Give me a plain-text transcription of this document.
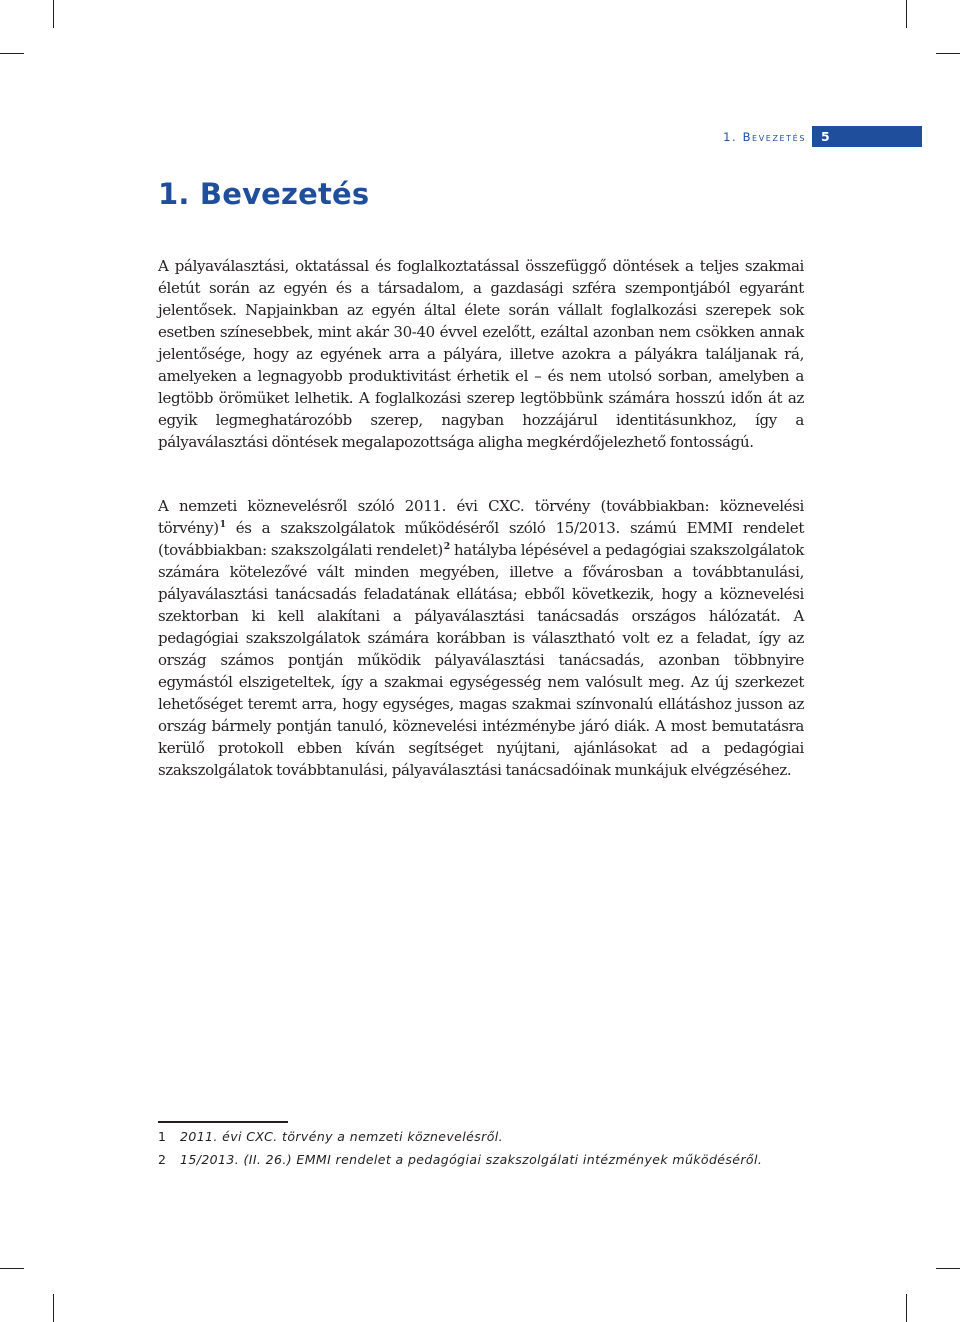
1. Bevezetés 5
1. Bevezetés

A pályaválasztási, oktatással és foglalkoztatással összefüggő döntések a teljes szakmai életút során az egyén és a társadalom, a gazdasági szféra szempontjából egyaránt jelentősek. Napjainkban az egyén által élete során vállalt foglalkozási szerepek sok esetben színesebbek, mint akár 30-40 évvel ezelőtt, ezáltal azonban nem csökken annak jelentősége, hogy az egyének arra a pályára, illetve azokra a pályákra találjanak rá, amelyeken a legnagyobb produktivitást érhetik el – és nem utolsó sorban, amelyben a legtöbb örömüket lelhetik. A foglalkozási szerep legtöbbünk számára hosszú időn át az egyik legmeghatározóbb szerep, nagyban hozzájárul identitásunkhoz, így a pályaválasztási döntések megalapozottsága aligha megkérdőjelezhető fontosságú.

A nemzeti köznevelésről szóló 2011. évi CXC. törvény (továbbiakban: köznevelési törvény)$^1$ és a szakszolgálatok működéséről szóló 15/2013. számú EMMI rendelet (továbbiakban: szakszolgálati rendelet)$^2$ hatályba lépésével a pedagógiai szakszolgálatok számára kötelezővé vált minden megyében, illetve a fővárosban a továbbtanulási, pályaválasztási tanácsadás feladatának ellátása; ebből következik, hogy a köznevelési szektorban ki kell alakítani a pályaválasztási tanácsadás országos hálózatát. A pedagógiai szakszolgálatok számára korábban is választható volt ez a feladat, így az ország számos pontján működik pályaválasztási tanácsadás, azonban többnyire egymástól elszigeteltek, így a szakmai egységesség nem valósult meg. Az új szerkezet lehetőséget teremt arra, hogy egységes, magas szakmai színvonalú ellátáshoz jusson az ország bármely pontján tanuló, köznevelési intézménybe járó diák. A most bemutatásra kerülő protokoll ebben kíván segítséget nyújtani, ajánlásokat ad a pedagógiai szakszolgálatok továbbtanulási, pályaválasztási tanácsadóinak munkájuk elvégzéséhez.

1 2011. évi CXC. törvény a nemzeti köznevelésről.
2 15/2013. (II. 26.) EMMI rendelet a pedagógiai szakszolgálati intézmények működéséről.
